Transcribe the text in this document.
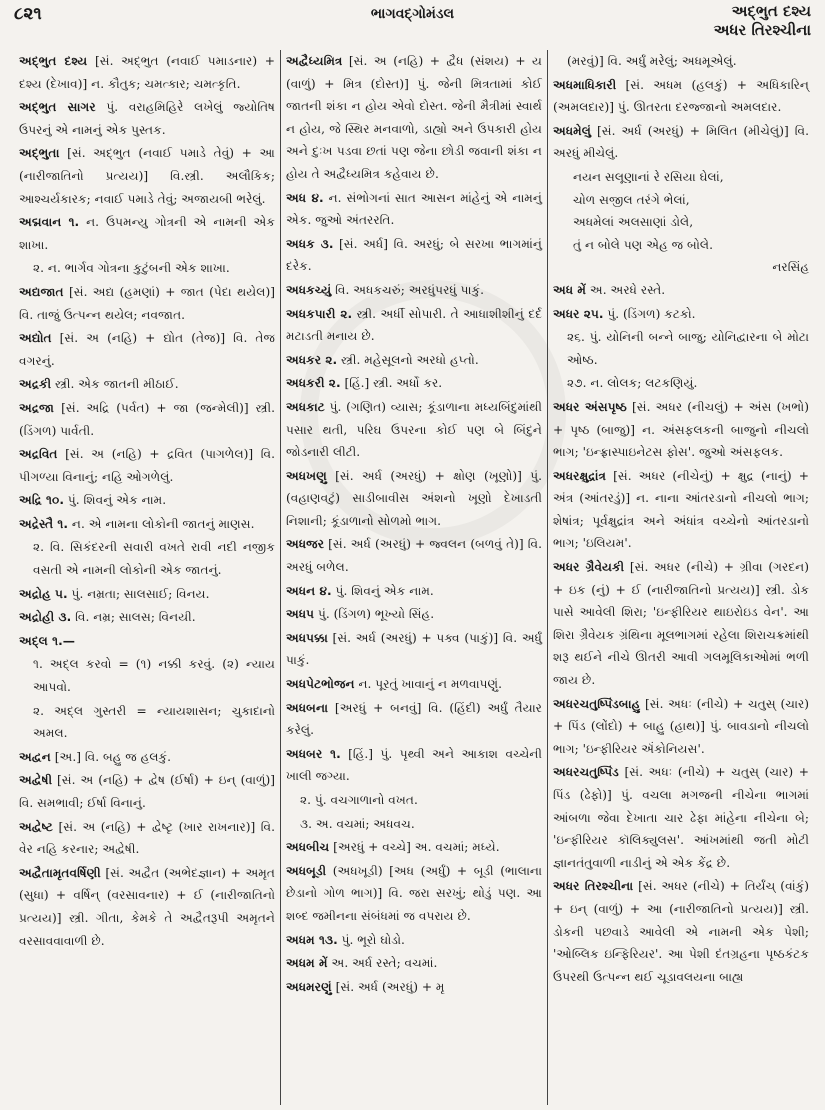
૮૨૧	ભાગવદ્ગોમંડલ	અદ્ભુત દશ્ય
અધર તિરશ્ચીના

અદ્ભુત દશ્ય [સં. અદ્ભુત (નવાઈ પમાડનાર) + દશ્ય (દેખાવ)] ન. કૌતુક; ચમત્કાર; ચમત્કૃતિ.

અદ્ભુત સાગર પું. વરાહમિહિરે લખેલું જ્યોતિષ ઉપરનું એ નામનું એક પુસ્તક.

અદ્ભુતા [સં. અદ્ભુત (નવાઈ પમાડે તેવું) + આ (નારીજાતિનો પ્રત્યય)] વિ.સ્ત્રી. અલૌકિક; આશ્ચર્યકારક; નવાઈ પમાડે તેવું; અજાયબી ભરેલું.

અદ્મવાન ૧. ન. ઉપમન્યુ ગોત્રની એ નામની એક શાખા.

૨. ન. ભાર્ગવ ગોત્રના કુટુંબની એક શાખા.

અદ્યજાત [સં. અદ્ય (હમણાં) + જાત (પેદા થયેલ)] વિ. તાજું ઉત્પન્ન થયેલ; નવજાત.

અદ્યોત [સં. અ (નહિ) + દ્યોત (તેજ)] વિ. તેજ વગરનું.

અદ્રકી સ્ત્રી. એક જાતની મીઠાઈ.

અદ્રજા [સં. અદ્રિ (પર્વત) + જા (જન્મેલી)] સ્ત્રી. (ડિંગળ) પાર્વતી.

અદ્રવિત [સં. અ (નહિ) + દ્રવિત (પાગળેલ)] વિ. પીગળ્યા વિનાનું; નહિ ઓગળેલું.

અદ્રિ ૧૦. પું. શિવનું એક નામ.

અદ્રેસ્તૈ ૧. ન. એ નામના લોકોની જાતનું માણસ.

૨. વિ. સિકંદરની સવારી વખતે રાવી નદી નજીક વસતી એ નામની લોકોની એક જાતનું.

અદ્રોહ ૫. પું. નમ્રતા; સાલસાઈ; વિનય.

અદ્રોહી ૩. વિ. નમ્ર; સાલસ; વિનયી.

અદ્લ ૧.—

૧. અદ્લ કરવો = (૧) નક્કી કરવું. (૨) ન્યાય આપવો.

૨. અદ્લ ગુસ્તરી = ન્યાયશાસન; ચુકાદાનો અમલ.

અદ્વન [અ.] વિ. બહુ જ હલકું.

અદ્વેષી [સં. અ (નહિ) + દ્વેષ (ઈર્ષા) + ઇન્ (વાળું)] વિ. સમભાવી; ઈર્ષા વિનાનું.

અદ્વેષ્ટ [સં. અ (નહિ) + દ્વેષ્ટૃ (ખાર રાખનાર)] વિ. વેર નહિ કરનાર; અદ્વેષી.

અદ્વૈતામૃતવર્ષિણી [સં. અદ્વૈત (અભેદજ્ઞાન) + અમૃત (સુધા) + વર્ષિન્ (વરસાવનાર) + ઈ (નારીજાતિનો પ્રત્યય)] સ્ત્રી. ગીતા, કેમકે તે અદ્વૈતરૂપી અમૃતને વરસાવવાવાળી છે.

અદ્વૈધ્યમિત્ર [સં. અ (નહિ) + દ્વૈધ (સંશય) + ય (વાળું) + મિત્ર (દોસ્ત)] પું. જેની મિત્રતામાં કોઈ જાતની શંકા ન હોય એવો દોસ્ત. જેની મૈત્રીમાં સ્વાર્થ ન હોય, જે સ્થિર મનવાળો, ડાહ્યો અને ઉપકારી હોય અને દુઃખ પડવા છતાં પણ જેના છોડી જવાની શંકા ન હોય તે અદ્વૈધ્યમિત્ર કહેવાય છે.

અધ ૪. ન. સંભોગનાં સાત આસન માંહેનું એ નામનું એક. જુઓ અંતરરતિ.

અધક ૩. [સં. અર્ધ] વિ. અરધું; બે સરખા ભાગમાંનું દરેક.

અધકચ્યું વિ. અધકચરું; અરધુંપરધું પાકું.

અધકપારી ૨. સ્ત્રી. અર્ધી સોપારી. તે આધાશીશીનું દર્દ મટાડતી મનાય છે.

અધકર ૨. સ્ત્રી. મહેસૂલનો અરધો હપ્તો.

અધકરી ૨. [હિં.] સ્ત્રી. અર્ધો કર.

અધકાટ પું. (ગણિત) વ્યાસ; કૂંડાળાના મધ્યબિંદુમાંથી પસાર થતી, પરિઘ ઉપરના કોઈ પણ બે બિંદુને જોડનારી લીટી.

અધખણુ [સં. અર્ધ (અરધું) + ક્ષોણ (ખૂણો)] પું. (વહાણવટું) સાડીબાવીસ અંશનો ખૂણો દેખાડતી નિશાની; કૂંડાળાનો સોળમો ભાગ.

અધજર [સં. અર્ધ (અરધું) + જ્વલન (બળવું તે)] વિ. અરધું બળેલ.

અધન ૪. પું. શિવનું એક નામ.

અધપ પું. (ડિંગળ) ભૂખ્યો સિંહ.

અધપક્કા [સં. અર્ધ (અરધું) + પક્વ (પાકું)] વિ. અર્ધું પાકું.

અધપેટભોજન ન. પૂરતું ખાવાનું ન મળવાપણું.

અધબના [અરધું + બનવું] વિ. (હિંદી) અર્ધું તૈયાર કરેલું.

અધબર ૧. [હિં.] પું. પૃથ્વી અને આકાશ વચ્ચેની ખાલી જગ્યા.

૨. પું. વચગાળાનો વખત.

૩. અ. વચમાં; અધવચ.

અધબીચ [અરધું + વચ્ચે] અ. વચમાં; મધ્યે.

અધબૂડી (અધખૂડી) [અધ (અર્ધું) + બૂડી (ભાલાના છેડાનો ગોળ ભાગ)] વિ. જરા સરખું; થોડું પણ. આ શબ્દ જમીનના સંબંધમાં જ વપરાય છે.

અધમ ૧૩. પું. ભૂરો ઘોડો.

અધમ મેં અ. અર્ધ રસ્તે; વચમાં.

અધમરણું [સં. અર્ધ (અરધું) + મૃ

(મરવું)] વિ. અર્ધું મરેલું; અધમૂએલું.

અધમાધિકારી [સં. અધમ (હલકું) + અધિકારિન્ (અમલદાર)] પું. ઊતરતા દરજ્જાનો અમલદાર.

અધમેલું [સં. અર્ધ (અરધું) + મિલિત (મીચેલું)] વિ. અરધું મીચેલું.

નયન સલૂણાનાં રે રસિયા ઘેલાં,

ચોળ સજીલ તરંગે ભેલાં,

અધમેલાં અલસાણાં ડોલે,

તું ન બોલે પણ એહ જ બોલે.

નરસિંહ

અધ મેં અ. અરધે રસ્તે.

અધર ૨૫. પું. (ડિંગળ) કટકો.

૨૬. પું. યોનિની બન્ને બાજુ; યોનિદ્વારના બે મોટા ઓષ્ઠ.

૨૭. ન. લોલક; લટકણિયું.

અધર અંસપૃષ્ઠ [સં. અધર (નીચલું) + અંસ (ખભો) + પૃષ્ઠ (બાજુ)] ન. અંસફલકની બાજુનો નીચલો ભાગ; 'ઇન્ફ્રાસ્પાઇનેટસ ફોસ'. જુઓ અંસફલક.

અધરક્ષુદ્રાંત્ર [સં. અધર (નીચેનું) + ક્ષુદ્ર (નાનું) + અંત્ર (આંતરડું)] ન. નાના આંતરડાનો નીચલો ભાગ; શેષાંત્ર; પૂર્વક્ષુદ્રાંત્ર અને અંધાંત્ર વચ્ચેનો આંતરડાનો ભાગ; 'ઇલિયમ'.

અધર ગ્રૈવેયકી [સં. અધર (નીચે) + ગ્રીવા (ગરદન) + ઇક (નું) + ઈ (નારીજાતિનો પ્રત્યય)] સ્ત્રી. ડોક પાસે આવેલી શિરા; 'ઇન્ફીરિયર થાઇરોઇડ વેન'. આ શિરા ગ્રૈવેયક ગ્રંથિના મૂલભાગમાં રહેલા શિરાચક્રમાંથી શરૂ થઈને નીચે ઊતરી આવી ગલમૂલિકાઓમાં ભળી જાય છે.

અધરચતુષ્પિંડબાહુ [સં. અધઃ (નીચે) + ચતુસ્ (ચાર) + પિંડ (લોંદો) + બાહુ (હાથ)] પું. બાવડાનો નીચલો ભાગ; 'ઇન્ફીરિયર ઍંકોનિયસ'.

અધરચતુષ્પિંડ [સં. અધઃ (નીચે) + ચતુસ્ (ચાર) + પિંડ (ઢેફો)] પું. વચલા મગજની નીચેના ભાગમાં આંબળા જેવા દેખાતા ચાર ઢેફા માંહેના નીચેના બે; 'ઇન્ફીરિયર કૉલિક્યુલસ'. આંખમાંથી જતી મોટી જ્ઞાનતંતુવાળી નાડીનું એ એક કેંદ્ર છે.

અધર તિરશ્ચીના [સં. અધર (નીચે) + તિર્યંચ્ (વાંકું) + ઇન્ (વાળું) + આ (નારીજાતિનો પ્રત્યય)] સ્ત્રી. ડોકની પછવાડે આવેલી એ નામની એક પેશી; 'ઓબ્લિક ઇન્ફિરિયર'. આ પેશી દંતગ્રહના પૃષ્ઠકંટક ઉપરથી ઉત્પન્ન થઈ ચૂડાવલયના બાહ્ય
